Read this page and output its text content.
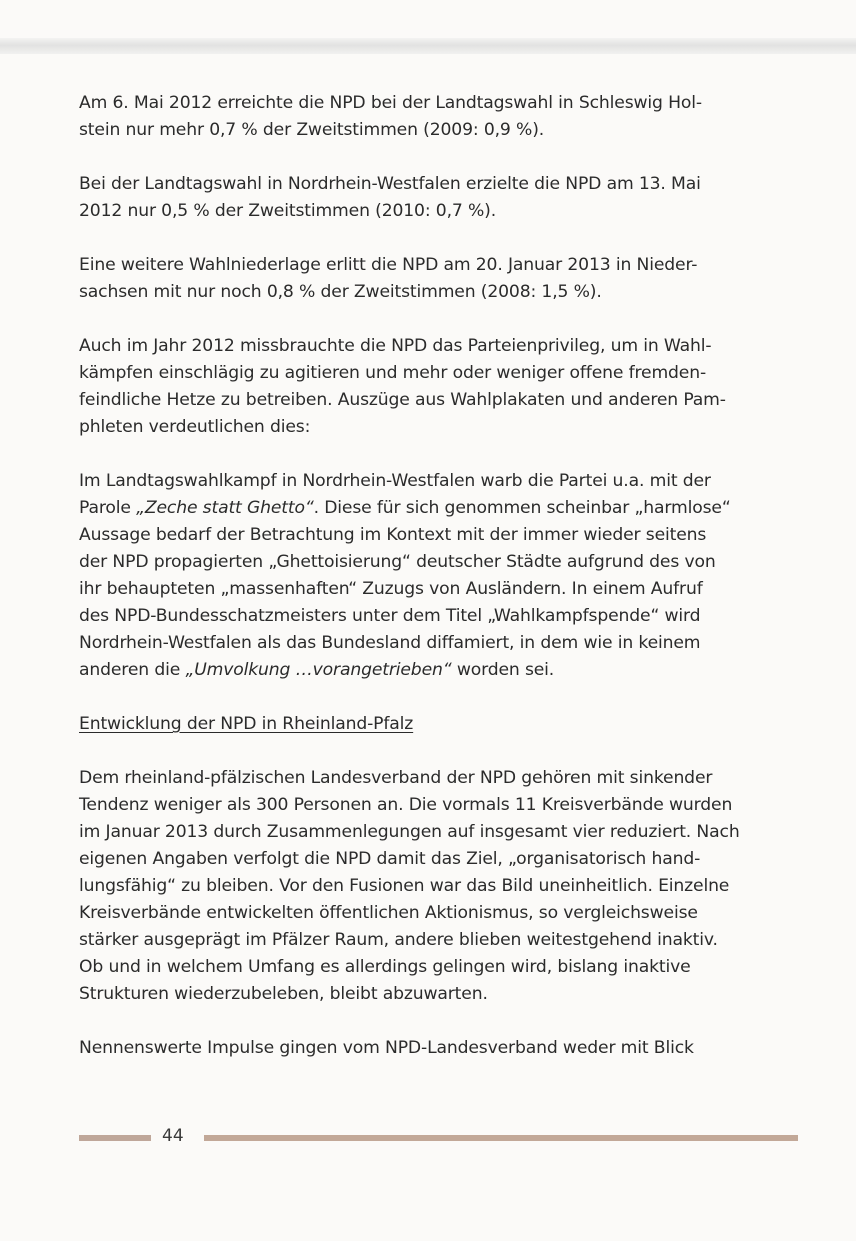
Am 6. Mai 2012 erreichte die NPD bei der Landtagswahl in Schleswig Hol-
stein nur mehr 0,7 % der Zweitstimmen (2009: 0,9 %).

Bei der Landtagswahl in Nordrhein-Westfalen erzielte die NPD am 13. Mai
2012 nur 0,5 % der Zweitstimmen (2010: 0,7 %).

Eine weitere Wahlniederlage erlitt die NPD am 20. Januar 2013 in Nieder-
sachsen mit nur noch 0,8 % der Zweitstimmen (2008: 1,5 %).

Auch im Jahr 2012 missbrauchte die NPD das Parteienprivileg, um in Wahl-
kämpfen einschlägig zu agitieren und mehr oder weniger offene fremden-
feindliche Hetze zu betreiben. Auszüge aus Wahlplakaten und anderen Pam-
phleten verdeutlichen dies:

Im Landtagswahlkampf in Nordrhein-Westfalen warb die Partei u.a. mit der
Parole „Zeche statt Ghetto“. Diese für sich genommen scheinbar „harmlose“
Aussage bedarf der Betrachtung im Kontext mit der immer wieder seitens
der NPD propagierten „Ghettoisierung“ deutscher Städte aufgrund des von
ihr behaupteten „massenhaften“ Zuzugs von Ausländern. In einem Aufruf
des NPD-Bundesschatzmeisters unter dem Titel „Wahlkampfspende“ wird
Nordrhein-Westfalen als das Bundesland diffamiert, in dem wie in keinem
anderen die „Umvolkung …vorangetrieben“ worden sei.

Entwicklung der NPD in Rheinland-Pfalz

Dem rheinland-pfälzischen Landesverband der NPD gehören mit sinkender
Tendenz weniger als 300 Personen an. Die vormals 11 Kreisverbände wurden
im Januar 2013 durch Zusammenlegungen auf insgesamt vier reduziert. Nach
eigenen Angaben verfolgt die NPD damit das Ziel, „organisatorisch hand-
lungsfähig“ zu bleiben. Vor den Fusionen war das Bild uneinheitlich. Einzelne
Kreisverbände entwickelten öffentlichen Aktionismus, so vergleichsweise
stärker ausgeprägt im Pfälzer Raum, andere blieben weitestgehend inaktiv.
Ob und in welchem Umfang es allerdings gelingen wird, bislang inaktive
Strukturen wiederzubeleben, bleibt abzuwarten.

Nennenswerte Impulse gingen vom NPD-Landesverband weder mit Blick

44
